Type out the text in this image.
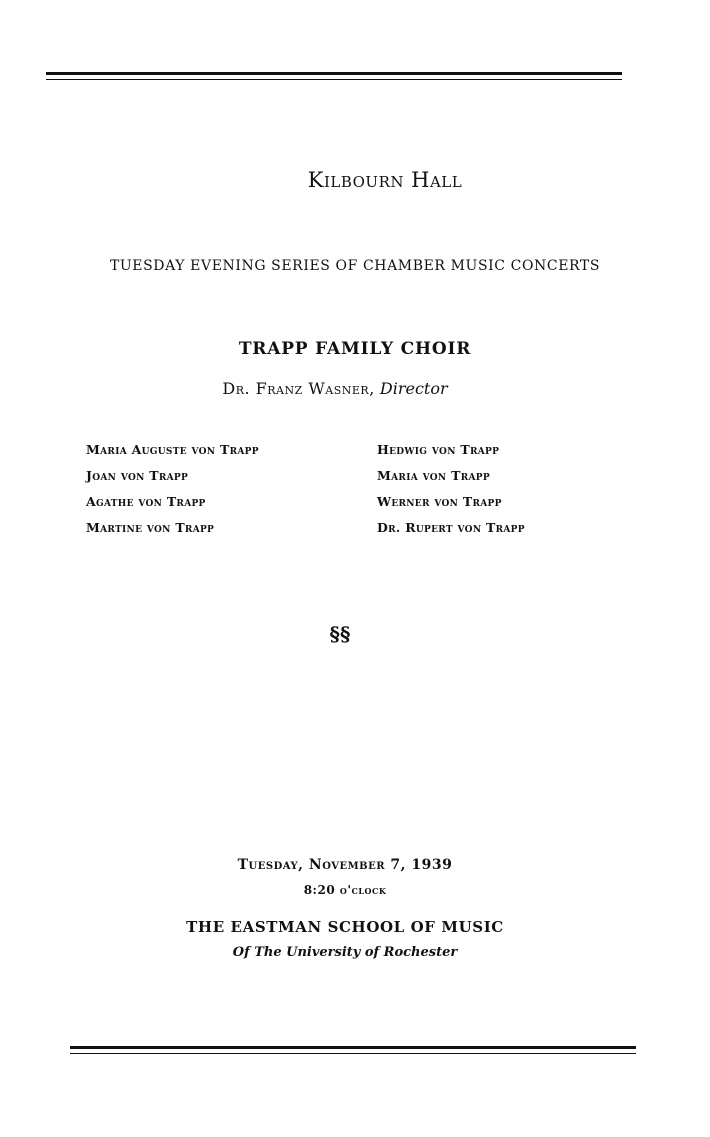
Kilbourn Hall
TUESDAY EVENING SERIES OF CHAMBER MUSIC CONCERTS
TRAPP FAMILY CHOIR
Dr. Franz Wasner, Director
Maria Auguste von Trapp
Joan von Trapp
Agathe von Trapp
Martine von Trapp
Hedwig von Trapp
Maria von Trapp
Werner von Trapp
Dr. Rupert von Trapp
§§
Tuesday, November 7, 1939
8:20 o'clock
THE EASTMAN SCHOOL OF MUSIC
Of The University of Rochester
